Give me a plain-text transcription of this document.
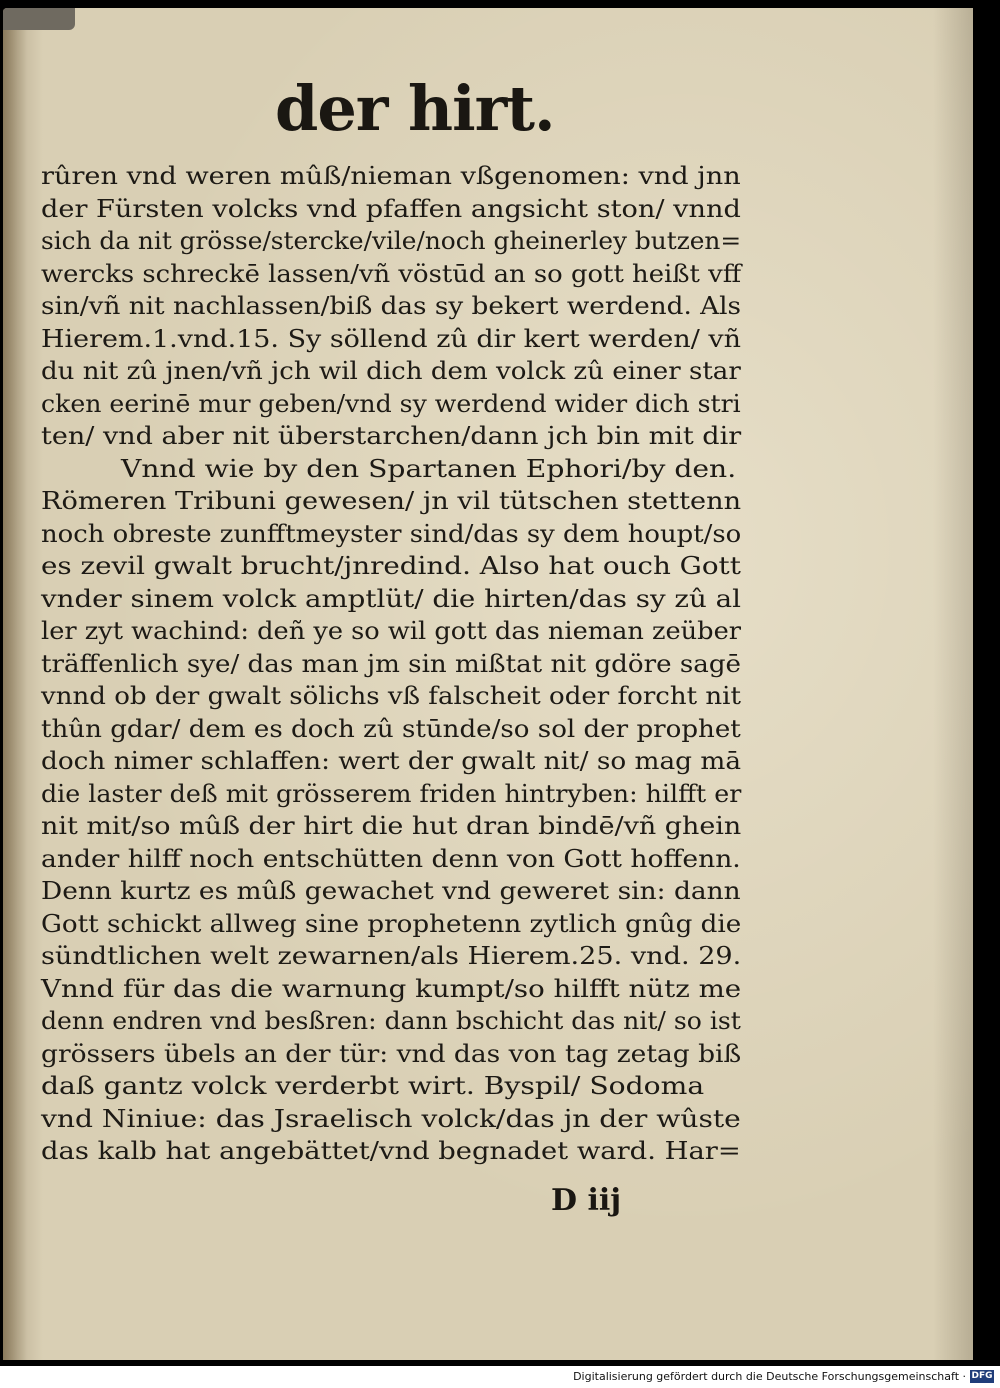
der hirt.
rûren vnd weren mûß/nieman vßgenomen: vnd jnn
der Fürsten volcks vnd pfaffen angsicht ston/ vnnd
sich da nit grösse/stercke/vile/noch gheinerley butzen=
wercks schreckē lassen/vñ vöstūd an so gott heißt vff
sin/vñ nit nachlassen/biß das sy bekert werdend. Als
Hierem.1.vnd.15. Sy söllend zû dir kert werden/ vñ
du nit zû jnen/vñ jch wil dich dem volck zû einer star
cken eerinē mur geben/vnd sy werdend wider dich stri
ten/ vnd aber nit überstarchen/dann jch bin mit dir
Vnnd wie by den Spartanen Ephori/by den.
Römeren Tribuni gewesen/ jn vil tütschen stettenn
noch obreste zunfftmeyster sind/das sy dem houpt/so
es zevil gwalt brucht/jnredind. Also hat ouch Gott
vnder sinem volck amptlüt/ die hirten/das sy zû al
ler zyt wachind: deñ ye so wil gott das nieman zeüber
träffenlich sye/ das man jm sin mißtat nit gdöre sagē
vnnd ob der gwalt sölichs vß falscheit oder forcht nit
thûn gdar/ dem es doch zû stūnde/so sol der prophet
doch nimer schlaffen: wert der gwalt nit/ so mag mā
die laster deß mit grösserem friden hintryben: hilfft er
nit mit/so mûß der hirt die hut dran bindē/vñ ghein
ander hilff noch entschütten denn von Gott hoffenn.
Denn kurtz es mûß gewachet vnd geweret sin: dann
Gott schickt allweg sine prophetenn zytlich gnûg die
sündtlichen welt zewarnen/als Hierem.25. vnd. 29.
Vnnd für das die warnung kumpt/so hilfft nütz me
denn endren vnd besßren: dann bschicht das nit/ so ist
grössers übels an der tür: vnd das von tag zetag biß
daß gantz volck verderbt wirt. Byspil/ Sodoma
vnd Niniue: das Jsraelisch volck/das jn der wûste
das kalb hat angebättet/vnd begnadet ward. Har=
D iij
Digitalisierung gefördert durch die Deutsche Forschungsgemeinschaft · DFG
